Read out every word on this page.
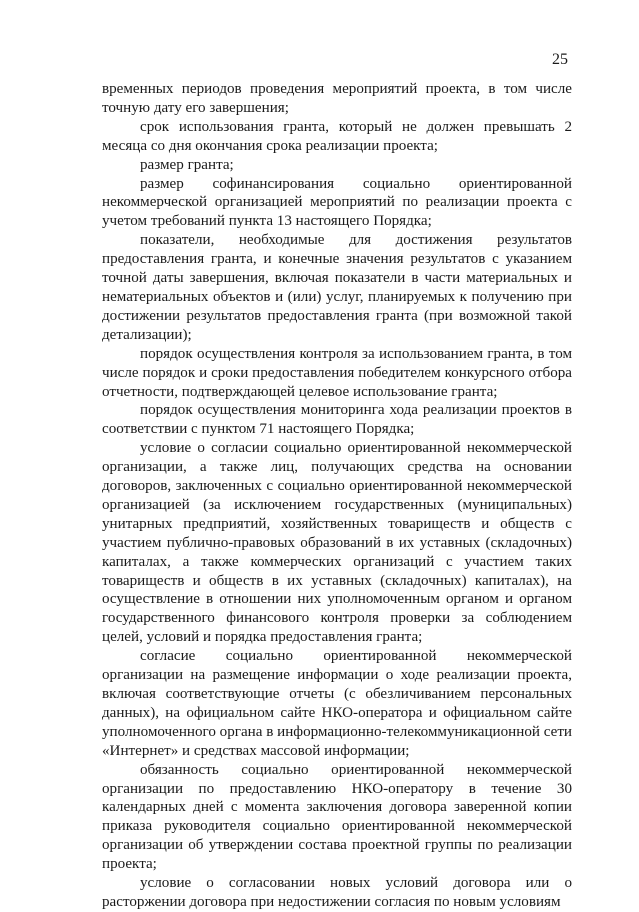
25

временных периодов проведения мероприятий проекта, в том числе точную дату его завершения;

срок использования гранта, который не должен превышать 2 месяца со дня окончания срока реализации проекта;

размер гранта;

размер софинансирования социально ориентированной некоммерческой организацией мероприятий по реализации проекта с учетом требований пункта 13 настоящего Порядка;

показатели, необходимые для достижения результатов предоставления гранта, и конечные значения результатов с указанием точной даты завершения, включая показатели в части материальных и нематериальных объектов и (или) услуг, планируемых к получению при достижении результатов предоставления гранта (при возможной такой детализации);

порядок осуществления контроля за использованием гранта, в том числе порядок и сроки предоставления победителем конкурсного отбора отчетности, подтверждающей целевое использование гранта;

порядок осуществления мониторинга хода реализации проектов в соответствии с пунктом 71 настоящего Порядка;

условие о согласии социально ориентированной некоммерческой организации, а также лиц, получающих средства на основании договоров, заключенных с социально ориентированной некоммерческой организацией (за исключением государственных (муниципальных) унитарных предприятий, хозяйственных товариществ и обществ с участием публично-правовых образований в их уставных (складочных) капиталах, а также коммерческих организаций с участием таких товариществ и обществ в их уставных (складочных) капиталах), на осуществление в отношении них уполномоченным органом и органом государственного финансового контроля проверки за соблюдением целей, условий и порядка предоставления гранта;

согласие социально ориентированной некоммерческой организации на размещение информации о ходе реализации проекта, включая соответствующие отчеты (с обезличиванием персональных данных), на официальном сайте НКО-оператора и официальном сайте уполномоченного органа в информационно-телекоммуникационной сети «Интернет» и средствах массовой информации;

обязанность социально ориентированной некоммерческой организации по предоставлению НКО-оператору в течение 30 календарных дней с момента заключения договора заверенной копии приказа руководителя социально ориентированной некоммерческой организации об утверждении состава проектной группы по реализации проекта;

условие о согласовании новых условий договора или о расторжении договора при недостижении согласия по новым условиям
